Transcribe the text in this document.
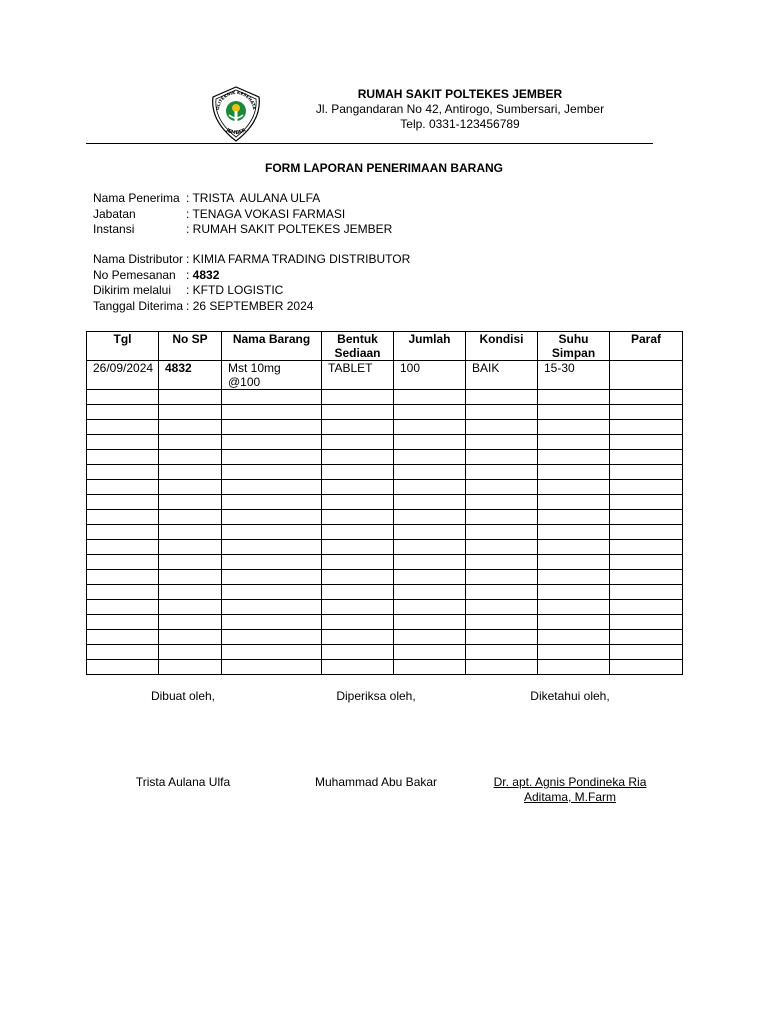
OLITEKNIK KESEHATA
JEMBER
RUMAH SAKIT POLTEKES JEMBER
Jl. Pangandaran No 42, Antirogo, Sumbersari, Jember
Telp. 0331-123456789
FORM LAPORAN PENERIMAAN BARANG
Nama Penerima : TRISTA  AULANA ULFA
Jabatan	: TENAGA VOKASI FARMASI
Instansi	: RUMAH SAKIT POLTEKES JEMBER
Nama Distributor : KIMIA FARMA TRADING DISTRIBUTOR
No Pemesanan : 4832
Dikirim melalui	: KFTD LOGISTIC
Tanggal Diterima : 26 SEPTEMBER 2024
Tgl	No SP	Nama Barang	Bentuk Sediaan	Jumlah	Kondisi	Suhu Simpan	Paraf
26/09/2024	4832	Mst 10mg @100	TABLET	100	BAIK	15-30	

Dibuat oleh,	Diperiksa oleh,	Diketahui oleh,
Trista Aulana Ulfa	Muhammad Abu Bakar	Dr. apt. Agnis Pondineka Ria
Aditama, M.Farm
